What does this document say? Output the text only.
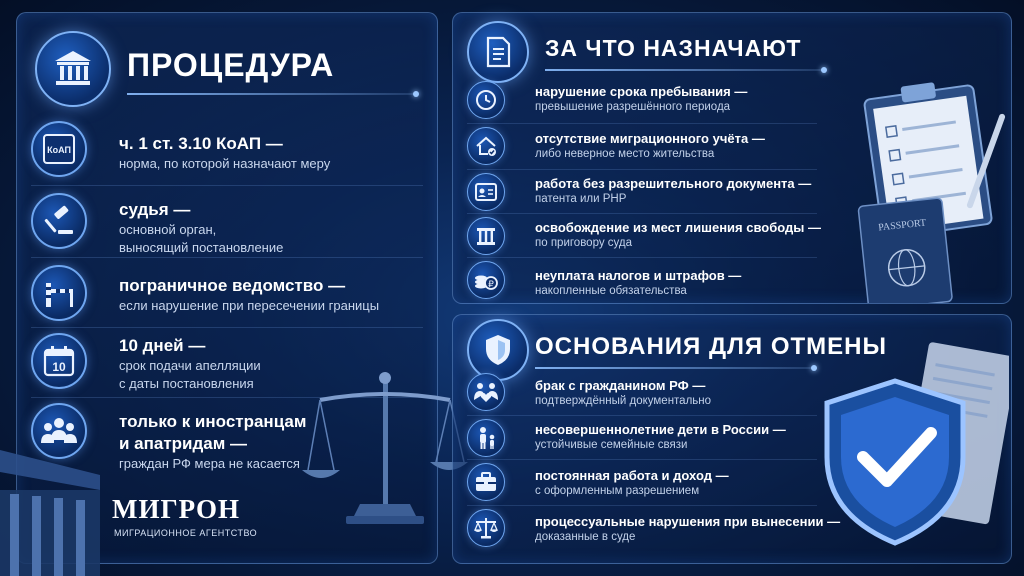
ПРОЦЕДУРА
КоАП	ч. 1 ст. 3.10 КоАП —
норма, по которой назначают меру
судья —
основной орган,
выносящий постановление
пограничное ведомство —
если нарушение при пересечении границы
10
10 дней —
срок подачи апелляции
с даты постановления
только к иностранцам
и апатридам —
граждан РФ мера не касается
МИГРОН
МИГРАЦИОННОЕ АГЕНТСТВО
ЗА ЧТО НАЗНАЧАЮТ
нарушение срока пребывания —
превышение разрешённого периода
отсутствие миграционного учёта —
либо неверное место жительства
работа без разрешительного документа —
патента или РНР
освобождение из мест лишения свободы —
по приговору суда
₽
неуплата налогов и штрафов —
накопленные обязательства
PASSPORT
ОСНОВАНИЯ ДЛЯ ОТМЕНЫ
брак с гражданином РФ —
подтверждённый документально
несовершеннолетние дети в России —
устойчивые семейные связи
постоянная работа и доход —
с оформленным разрешением
процессуальные нарушения при вынесении —
доказанные в суде
